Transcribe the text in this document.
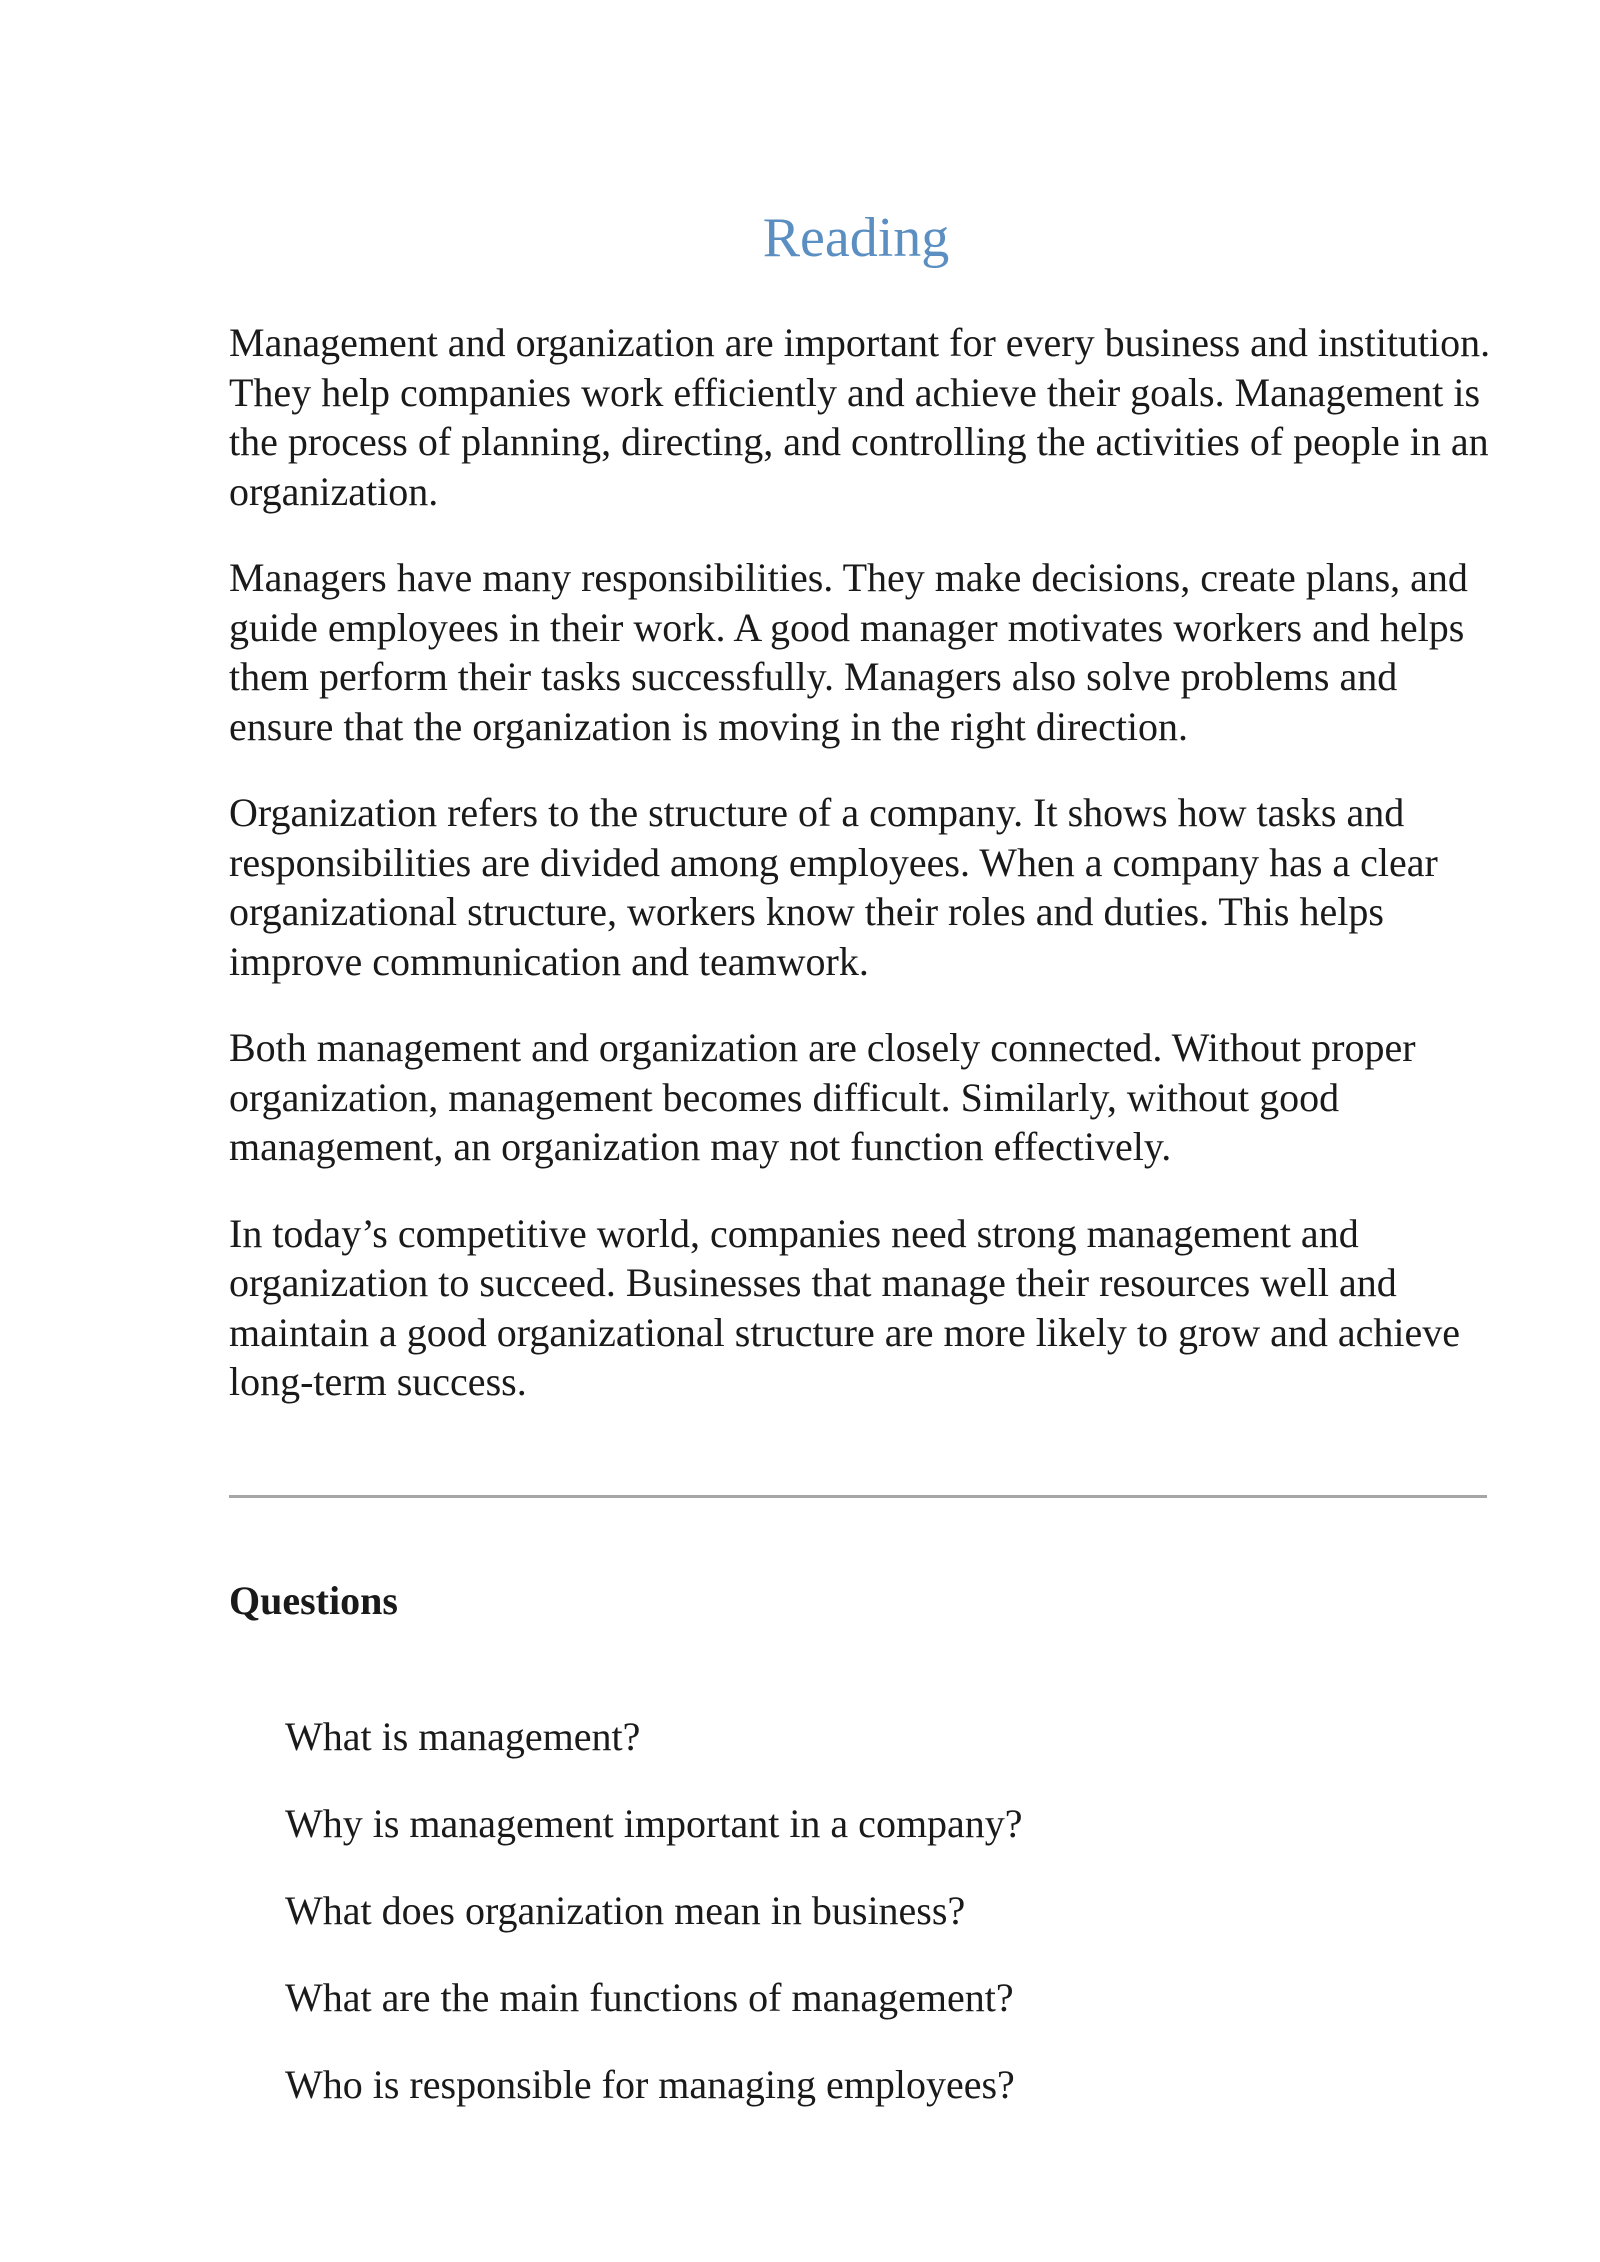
Reading

Management and organization are important for every business and institution. They help companies work efficiently and achieve their goals. Management is the process of planning, directing, and controlling the activities of people in an organization.

Managers have many responsibilities. They make decisions, create plans, and guide employees in their work. A good manager motivates workers and helps them perform their tasks successfully. Managers also solve problems and ensure that the organization is moving in the right direction.

Organization refers to the structure of a company. It shows how tasks and responsibilities are divided among employees. When a company has a clear organizational structure, workers know their roles and duties. This helps improve communication and teamwork.

Both management and organization are closely connected. Without proper organization, management becomes difficult. Similarly, without good management, an organization may not function effectively.

In today’s competitive world, companies need strong management and organization to succeed. Businesses that manage their resources well and maintain a good organizational structure are more likely to grow and achieve long-term success.

Questions
What is management?
Why is management important in a company?
What does organization mean in business?
What are the main functions of management?
Who is responsible for managing employees?
